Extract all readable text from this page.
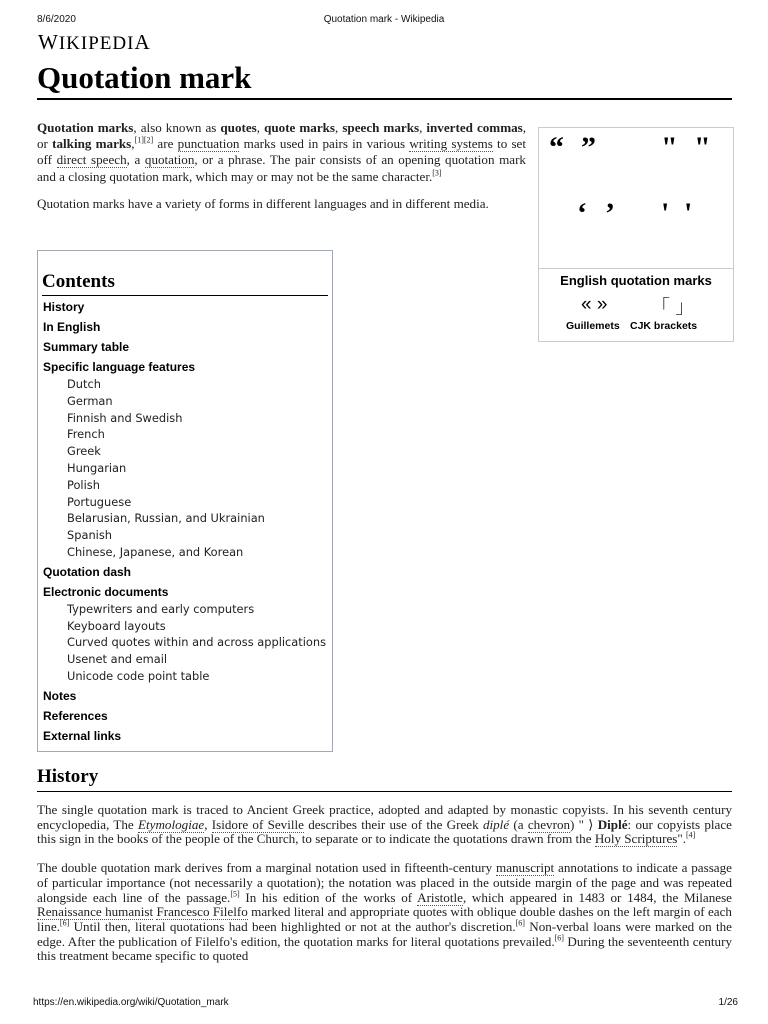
8/6/2020	Quotation mark - Wikipedia
WIKIPEDIA
Quotation mark

Quotation marks, also known as quotes, quote marks, speech marks, inverted commas, or talking marks,[1][2] are punctuation marks used in pairs in various writing systems to set off direct speech, a quotation, or a phrase. The pair consists of an opening quotation mark and a closing quotation mark, which may or may not be the same character.[3]

Quotation marks have a variety of forms in different languages and in different media.

“ ” " "
‘ ’ ' '
English quotation marks
« » 「 」
Guillemets CJK brackets
Contents
History
In English
Summary table
Specific language features
Dutch
German
Finnish and Swedish
French
Greek
Hungarian
Polish
Portuguese
Belarusian, Russian, and Ukrainian
Spanish
Chinese, Japanese, and Korean
Quotation dash
Electronic documents
Typewriters and early computers
Keyboard layouts
Curved quotes within and across applications
Usenet and email
Unicode code point table
Notes
References
External links
History

The single quotation mark is traced to Ancient Greek practice, adopted and adapted by monastic copyists. In his seventh century encyclopedia, The Etymologiae, Isidore of Seville describes their use of the Greek diplé (a chevron) " ⟩ Diplé: our copyists place this sign in the books of the people of the Church, to separate or to indicate the quotations drawn from the Holy Scriptures".[4]

The double quotation mark derives from a marginal notation used in fifteenth-century manuscript annotations to indicate a passage of particular importance (not necessarily a quotation); the notation was placed in the outside margin of the page and was repeated alongside each line of the passage.[5] In his edition of the works of Aristotle, which appeared in 1483 or 1484, the Milanese Renaissance humanist Francesco Filelfo marked literal and appropriate quotes with oblique double dashes on the left margin of each line.[6] Until then, literal quotations had been highlighted or not at the author's discretion.[6] Non-verbal loans were marked on the edge. After the publication of Filelfo's edition, the quotation marks for literal quotations prevailed.[6] During the seventeenth century this treatment became specific to quoted

https://en.wikipedia.org/wiki/Quotation_mark	1/26
